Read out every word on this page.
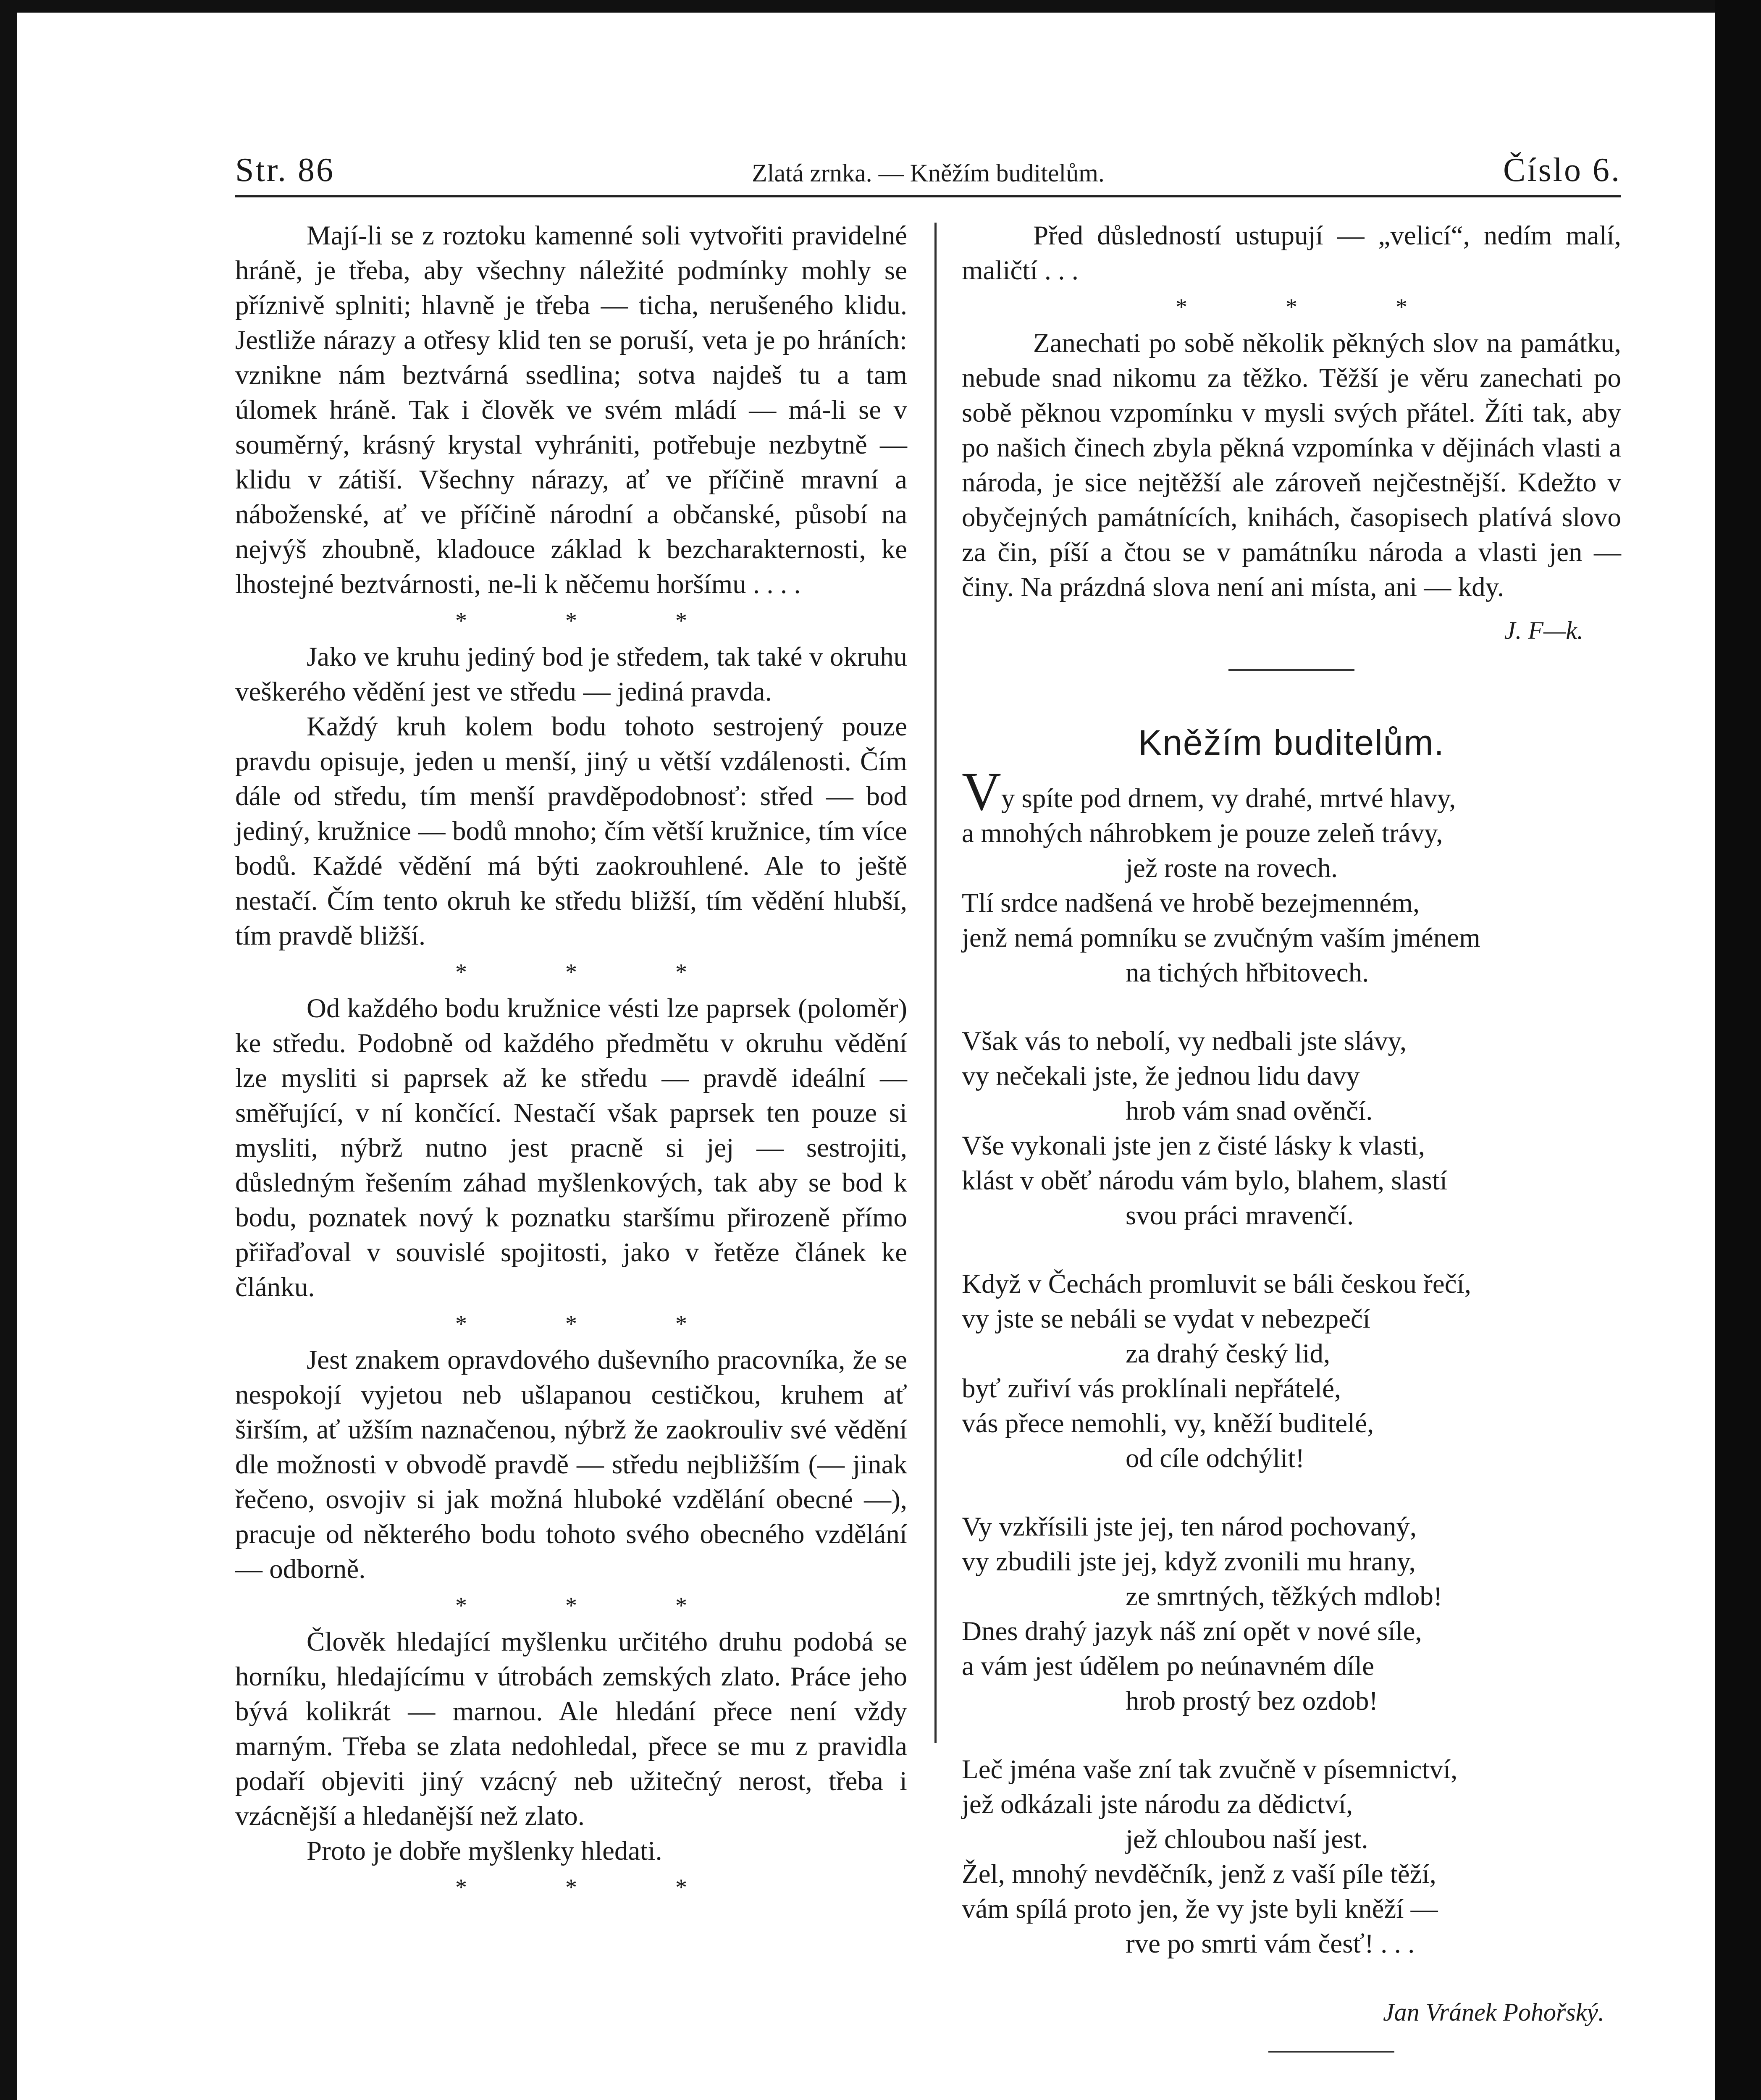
Str. 86	Zlatá zrnka. — Kněžím buditelům.	Číslo 6.

Mají-li se z roztoku kamenné soli vytvořiti pravidelné hráně, je třeba, aby všechny náležité podmínky mohly se příznivě splniti; hlavně je třeba — ticha, nerušeného klidu. Jestliže nárazy a otřesy klid ten se poruší, veta je po hráních: vznikne nám beztvárná ssedlina; sotva najdeš tu a tam úlomek hráně. Tak i člověk ve svém mládí — má-li se v souměrný, krásný krystal vyhrániti, potřebuje nezbytně — klidu v zátiší. Všechny nárazy, ať ve příčině mravní a náboženské, ať ve příčině národní a občanské, působí na nejvýš zhoubně, kladouce základ k bezcharakternosti, ke lhostejné beztvárnosti, ne-li k něčemu horšímu . . . .

* * *

Jako ve kruhu jediný bod je středem, tak také v okruhu veškerého vědění jest ve středu — jediná pravda.

Každý kruh kolem bodu tohoto sestrojený pouze pravdu opisuje, jeden u menší, jiný u větší vzdálenosti. Čím dále od středu, tím menší pravděpodobnosť: střed — bod jediný, kružnice — bodů mnoho; čím větší kružnice, tím více bodů. Každé vědění má býti zaokrouhlené. Ale to ještě nestačí. Čím tento okruh ke středu bližší, tím vědění hlubší, tím pravdě bližší.

* * *

Od každého bodu kružnice vésti lze paprsek (poloměr) ke středu. Podobně od každého předmětu v okruhu vědění lze mysliti si paprsek až ke středu — pravdě ideální — směřující, v ní končící. Nestačí však paprsek ten pouze si mysliti, nýbrž nutno jest pracně si jej — sestrojiti, důsledným řešením záhad myšlenkových, tak aby se bod k bodu, poznatek nový k poznatku staršímu přirozeně přímo přiřaďoval v souvislé spojitosti, jako v řetěze článek ke článku.

* * *

Jest znakem opravdového duševního pracovníka, že se nespokojí vyjetou neb ušlapanou cestičkou, kruhem ať širším, ať užším naznačenou, nýbrž že zaokrouliv své vědění dle možnosti v obvodě pravdě — středu nejbližším (— jinak řečeno, osvojiv si jak možná hluboké vzdělání obecné —), pracuje od některého bodu tohoto svého obecného vzdělání — odborně.

* * *

Člověk hledající myšlenku určitého druhu podobá se horníku, hledajícímu v útrobách zemských zlato. Práce jeho bývá kolikrát — marnou. Ale hledání přece není vždy marným. Třeba se zlata nedohledal, přece se mu z pravidla podaří objeviti jiný vzácný neb užitečný nerost, třeba i vzácnější a hledanější než zlato.

Proto je dobře myšlenky hledati.

* * *

Před důsledností ustupují — „velicí“, nedím malí, maličtí . . .

* * *

Zanechati po sobě několik pěkných slov na památku, nebude snad nikomu za těžko. Těžší je věru zanechati po sobě pěknou vzpomínku v mysli svých přátel. Žíti tak, aby po našich činech zbyla pěkná vzpomínka v dějinách vlasti a národa, je sice nejtěžší ale zároveň nejčestnější. Kdežto v obyčejných památnících, knihách, časopisech platívá slovo za čin, píší a čtou se v památníku národa a vlasti jen — činy. Na prázdná slova není ani místa, ani — kdy.

J. F—k.
Kněžím buditelům.
Vy spíte pod drnem, vy drahé, mrtvé hlavy,
a mnohých náhrobkem je pouze zeleň trávy,
jež roste na rovech.
Tlí srdce nadšená ve hrobě bezejmenném,
jenž nemá pomníku se zvučným vaším jménem
na tichých hřbitovech.
Však vás to nebolí, vy nedbali jste slávy,
vy nečekali jste, že jednou lidu davy
hrob vám snad ověnčí.
Vše vykonali jste jen z čisté lásky k vlasti,
klást v oběť národu vám bylo, blahem, slastí
svou práci mravenčí.
Když v Čechách promluvit se báli českou řečí,
vy jste se nebáli se vydat v nebezpečí
za drahý český lid,
byť zuřiví vás proklínali nepřátelé,
vás přece nemohli, vy, kněží buditelé,
od cíle odchýlit!
Vy vzkřísili jste jej, ten národ pochovaný,
vy zbudili jste jej, když zvonili mu hrany,
ze smrtných, těžkých mdlob!
Dnes drahý jazyk náš zní opět v nové síle,
a vám jest údělem po neúnavném díle
hrob prostý bez ozdob!
Leč jména vaše zní tak zvučně v písemnictví,
jež odkázali jste národu za dědictví,
jež chloubou naší jest.
Žel, mnohý nevděčník, jenž z vaší píle těží,
vám spílá proto jen, že vy jste byli kněží —
rve po smrti vám česť! . . .
Jan Vránek Pohořský.
